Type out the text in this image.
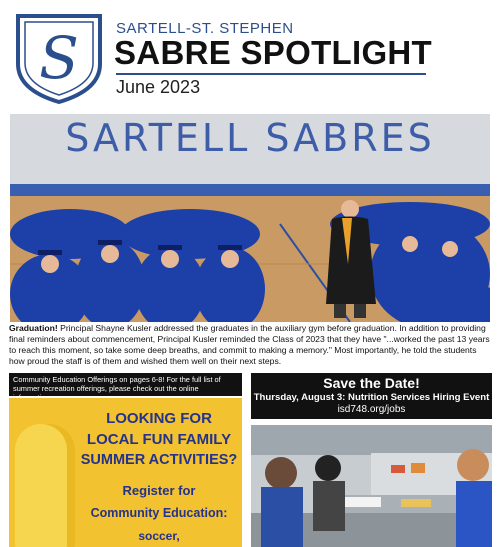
S SARTELL-ST. STEPHEN
SABRE SPOTLIGHT
June 2023
SARTELL SABRES
Graduation! Principal Shayne Kusler addressed the graduates in the auxiliary gym before graduation. In addition to providing final reminders about commencement, Principal Kusler reminded the Class of 2023 that they have "...worked the past 13 years to reach this moment, so take some deep breaths, and commit to making a memory." Most importantly, he told the students how proud the staff is of them and wished them well on their next steps.
Community Education Offerings on pages 6-8! For the full list of summer recreation offerings, please check out the online
LOOKING FOR
LOCAL FUN FAMILY
SUMMER ACTIVITIES?
Register for
Community Education:
soccer,
Save the Date!
Thursday, August 3: Nutrition Services Hiring Event
isd748.org/jobs
